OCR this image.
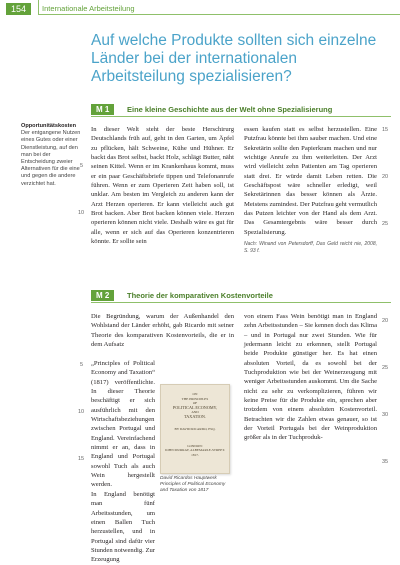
154	Internationale Arbeitsteilung
Auf welche Produkte sollten sich einzelne Länder bei der internationalen Arbeitsteilung spezialisieren?
M 1	Eine kleine Geschichte aus der Welt ohne Spezialisierung
Opportunitätskosten
Der entgangene Nutzen eines Gutes oder einer Dienstleistung, auf den man bei der Entscheidung zweier Alternativen für die eine und gegen die andere verzichtet hat.

In dieser Welt steht der beste Herschirurg Deutschlands früh auf, geht in den Garten, um Äpfel zu pflücken, hält Schweine, Kühe und Hühner. Er backt das Brot selbst, backt Holz, schlägt Butter, näht seinen Kittel. Wenn er im Krankenhaus kommt, muss er ein paar Geschäftsbriefe tippen und Telefonanrufe führen. Wenn er zum Operieren Zeit haben soll, ist unklar. Am besten im Vergleich zu anderen kann der Arzt Herzen operieren. Er kann vielleicht auch gut Brot backen. Aber Brot backen können viele. Herzen operieren können nicht viele. Deshalb wäre es gut für alle, wenn er sich auf das Operieren konzentrieren könnte. Er sollte sein

5
10

essen kaufen statt es selbst herzustellen. Eine Putzfrau könnte bei ihm sauber machen. Und eine Sekretärin sollte den Papierkram machen und nur wichtige Anrufe zu ihm weiterleiten. Der Arzt wird vielleicht zehn Patienten am Tag operieren statt drei. Er würde damit Leben retten. Die Geschäftspost wäre schneller erledigt, weil Sekretärinnen das besser können als Ärzte. Meistens zumindest. Der Putzfrau geht vermutlich das Putzen leichter von der Hand als dem Arzt. Das Gesamtergebnis wäre besser durch Spezialisierung.

Nach: Winand von Petersdorff, Das Geld reicht nie, 2008, S. 93 f.

15
20
25
M 2	Theorie der komparativen Kostenvorteile

Die Begründung, warum der Außenhandel den Wohlstand der Länder erhöht, gab Ricardo mit seiner Theorie des komparativen Kostenvorteils, die er in dem Aufsatz

„Principles of Political Economy and Taxation“ (1817) veröffentlichte. In dieser Theorie beschäftigt er sich ausführlich mit den Wirtschaftsbeziehungen zwischen Portugal und England. Vereinfachend nimmt er an, dass in England und Portugal sowohl Tuch als auch Wein hergestellt werden.

In England benötigt man fünf Arbeitsstunden, um einen Ballen Tuch herzustellen, und in Portugal sind dafür vier Stunden notwendig. Zur Erzeugung

5
10
15
ON
THE PRINCIPLES
OF
POLITICAL ECONOMY,
AND
TAXATION.
BY DAVID RICARDO, ESQ.
LONDON:
JOHN MURRAY, ALBEMARLE-STREET.
1817.
David Ricardos Hauptwerk Principles of Political Economy and Taxation von 1817

von einem Fass Wein benötigt man in England zehn Arbeitsstunden – Sie kennen doch das Klima – und in Portugal nur zwei Stunden. Wie für jedermann leicht zu erkennen, stellt Portugal beide Produkte günstiger her. Es hat einen absoluten Vorteil, da es sowohl bei der Tuchproduktion wie bei der Weinerzeugung mit weniger Arbeitsstunden auskommt. Um die Sache nicht zu sehr zu verkomplizieren, führen wir keine Preise für die Produkte ein, sprechen aber trotzdem von einem absoluten Kostenvorteil. Betrachten wir die Zahlen etwas genauer, so ist der Vorteil Portugals bei der Weinproduktion größer als in der Tuchproduk-

20
25
30
35
